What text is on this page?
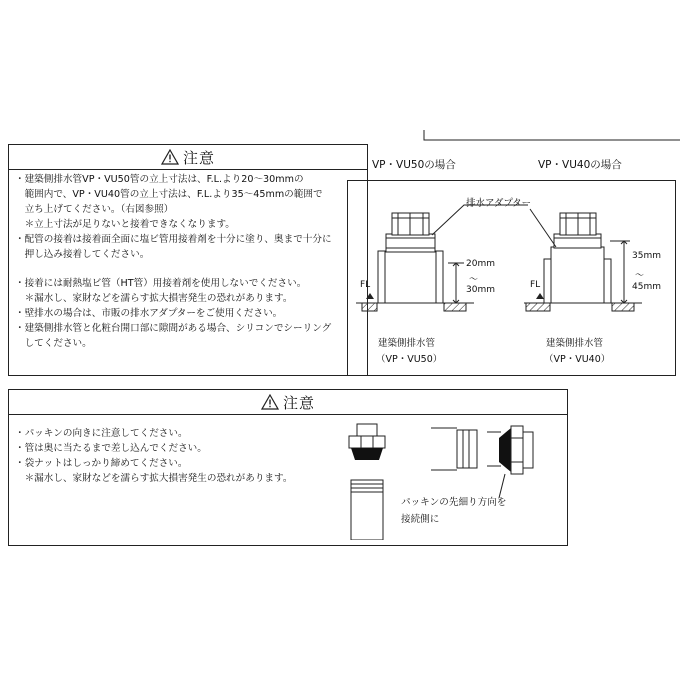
注意
・建築側排水管VP・VU50管の立上寸法は、F.L.より20～30mmの
　範囲内で、VP・VU40管の立上寸法は、F.L.より35～45mmの範囲で
　立ち上げてください。（右図参照）
　＊立上寸法が足りないと接着できなくなります。
・配管の接着は接着面全面に塩ビ管用接着剤を十分に塗り、奥まで十分に
　押し込み接着してください。
・接着には耐熱塩ビ管（HT管）用接着剤を使用しないでください。
　＊漏水し、家財などを濡らす拡大損害発生の恐れがあります。
・壁排水の場合は、市販の排水アダプターをご使用ください。
・建築側排水管と化粧台開口部に隙間がある場合、シリコンでシーリング
　してください。
VP・VU50の場合	VP・VU40の場合
排水アダプター
20mm
〜
30mm
35mm
〜
45mm
FL	FL
建築側排水管
（VP・VU50）
建築側排水管
（VP・VU40）
注意
・パッキンの向きに注意してください。
・管は奥に当たるまで差し込んでください。
・袋ナットはしっかり締めてください。
　＊漏水し、家財などを濡らす拡大損害発生の恐れがあります。
パッキンの先細り方向を
接続側に
